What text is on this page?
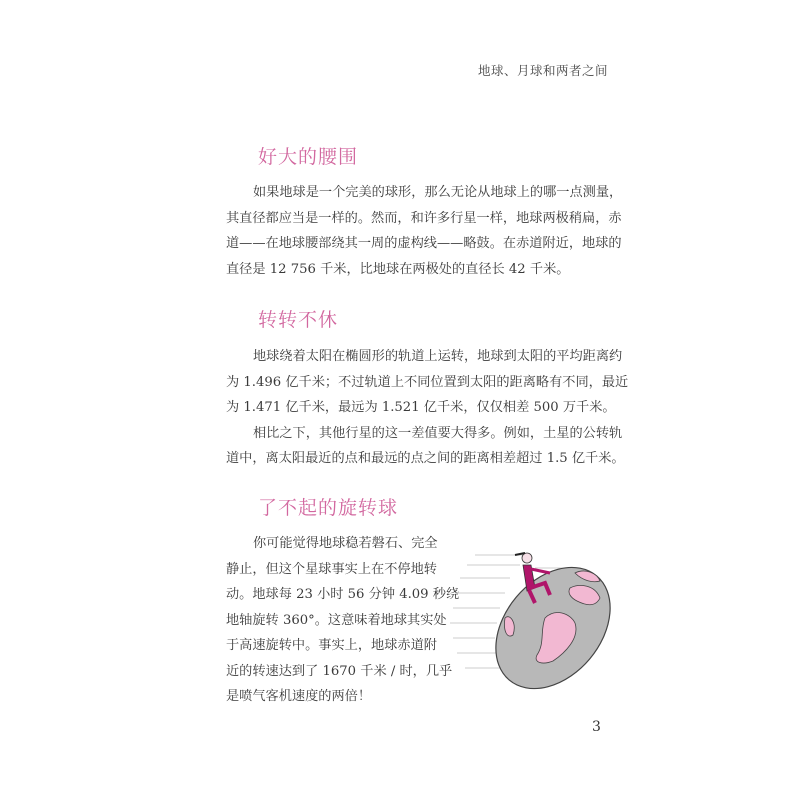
地球、月球和两者之间
好大的腰围
如果地球是一个完美的球形，那么无论从地球上的哪一点测量，
其直径都应当是一样的。然而，和许多行星一样，地球两极稍扁，赤
道——在地球腰部绕其一周的虚构线——略鼓。在赤道附近，地球的
直径是 12 756 千米，比地球在两极处的直径长 42 千米。
转转不休
地球绕着太阳在椭圆形的轨道上运转，地球到太阳的平均距离约
为 1.496 亿千米；不过轨道上不同位置到太阳的距离略有不同，最近
为 1.471 亿千米，最远为 1.521 亿千米，仅仅相差 500 万千米。
相比之下，其他行星的这一差值要大得多。例如，土星的公转轨
道中，离太阳最近的点和最远的点之间的距离相差超过 1.5 亿千米。
了不起的旋转球
你可能觉得地球稳若磐石、完全
静止，但这个星球事实上在不停地转
动。地球每 23 小时 56 分钟 4.09 秒绕
地轴旋转 360°。这意味着地球其实处
于高速旋转中。事实上，地球赤道附
近的转速达到了 1670 千米 / 时，几乎
是喷气客机速度的两倍！
3
